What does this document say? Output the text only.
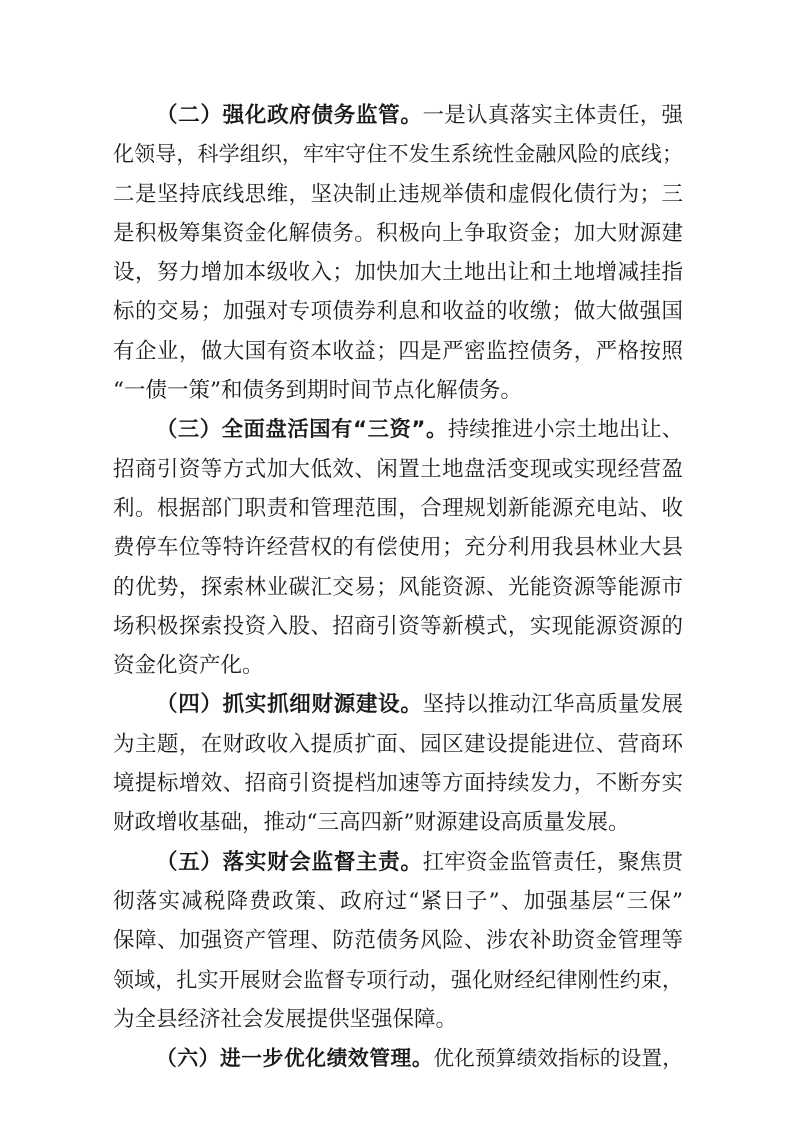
（二）强化政府债务监管。一是认真落实主体责任，强
化领导，科学组织，牢牢守住不发生系统性金融风险的底线；
二是坚持底线思维，坚决制止违规举债和虚假化债行为；三
是积极筹集资金化解债务。积极向上争取资金；加大财源建
设，努力增加本级收入；加快加大土地出让和土地增减挂指
标的交易；加强对专项债券利息和收益的收缴；做大做强国
有企业，做大国有资本收益；四是严密监控债务，严格按照
“一债一策”和债务到期时间节点化解债务。
（三）全面盘活国有“三资”。持续推进小宗土地出让、
招商引资等方式加大低效、闲置土地盘活变现或实现经营盈
利。根据部门职责和管理范围，合理规划新能源充电站、收
费停车位等特许经营权的有偿使用；充分利用我县林业大县
的优势，探索林业碳汇交易；风能资源、光能资源等能源市
场积极探索投资入股、招商引资等新模式，实现能源资源的
资金化资产化。
（四）抓实抓细财源建设。坚持以推动江华高质量发展
为主题，在财政收入提质扩面、园区建设提能进位、营商环
境提标增效、招商引资提档加速等方面持续发力，不断夯实
财政增收基础，推动“三高四新”财源建设高质量发展。
（五）落实财会监督主责。扛牢资金监管责任，聚焦贯
彻落实减税降费政策、政府过“紧日子”、加强基层“三保”
保障、加强资产管理、防范债务风险、涉农补助资金管理等
领域，扎实开展财会监督专项行动，强化财经纪律刚性约束，
为全县经济社会发展提供坚强保障。
（六）进一步优化绩效管理。优化预算绩效指标的设置，
